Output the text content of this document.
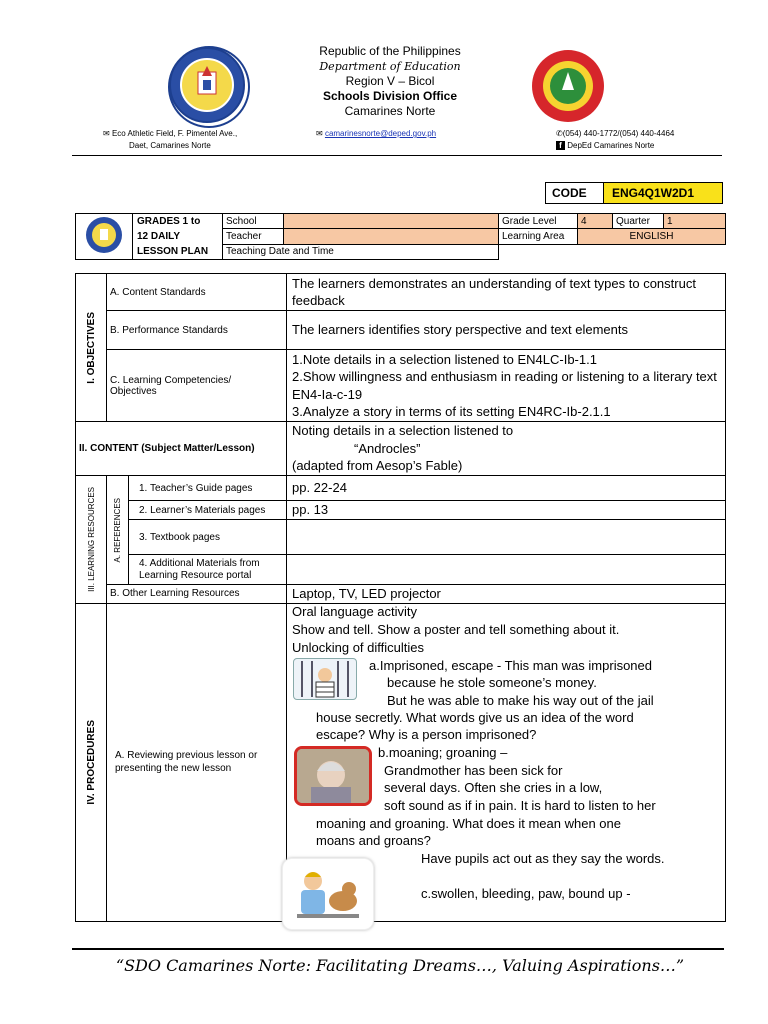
Republic of the Philippines
Department of Education
Region V – Bicol
Schools Division Office
Camarines Norte
✉ Eco Athletic Field, F. Pimentel Ave.,
Daet, Camarines Norte
✉ camarinesnorte@deped.gov.ph	✆(054) 440-1772/(054) 440-4464
f DepEd Camarines Norte
CODE	ENG4Q1W2D1

GRADES 1 to
12 DAILY
LESSON PLAN	School		Grade Level	4	Quarter	1
		Teacher		Learning Area	ENGLISH		
		Teaching Date and Time					
I. OBJECTIVES	A. Content Standards		The learners demonstrates an understanding of text types to construct feedback
	B. Performance Standards		The learners identifies story perspective and text elements
	C. Learning Competencies/ Objectives		1.Note details in a selection listened to EN4LC-Ib-1.1
2.Show willingness and enthusiasm in reading or listening to a literary text EN4-Ia-c-19
3.Analyze a story in terms of its setting EN4RC-Ib-2.1.1

II. CONTENT (Subject Matter/Lesson)			Noting details in a selection listened to
“Androcles”
(adapted from Aesop’s Fable)

III. LEARNING RESOURCES	A. REFERENCES	1. Teacher’s Guide pages	pp. 22-24
		2. Learner’s Materials pages	pp. 13
		3. Textbook pages	
		4. Additional Materials from Learning Resource portal	
	B. Other Learning Resources		Laptop, TV, LED projector

IV. PROCEDURES	A. Reviewing previous lesson or presenting the new lesson		
Oral language activity
Show and tell. Show a poster and tell something about it.
Unlocking of difficulties
a.Imprisoned, escape - This man was imprisoned
because he stole someone’s money.
But he was able to make his way out of the jail
house secretly. What words give us an idea of the word
escape? Why is a person imprisoned?
b.moaning; groaning –
Grandmother has been sick for
several days. Often she cries in a low,
soft sound as if in pain. It is hard to listen to her
moaning and groaning. What does it mean when one
moans and groans?
Have pupils act out as they say the words.
c.swollen, bleeding, paw, bound up -
“SDO Camarines Norte: Facilitating Dreams…, Valuing Aspirations…”
